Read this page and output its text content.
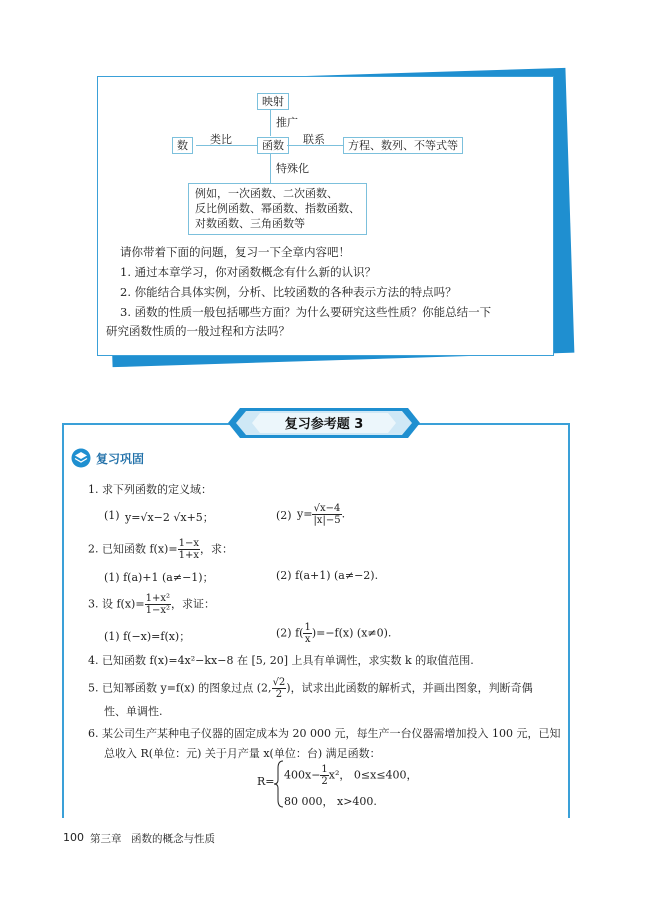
映射
推广
数	类比	函数	联系	方程、数列、不等式等
特殊化
例如，一次函数、二次函数、
反比例函数、幂函数、指数函数、
对数函数、三角函数等
请你带着下面的问题，复习一下全章内容吧！
1. 通过本章学习，你对函数概念有什么新的认识？
2. 你能结合具体实例，分析、比较函数的各种表示方法的特点吗？
3. 函数的性质一般包括哪些方面？为什么要研究这些性质？你能总结一下
研究函数性质的一般过程和方法吗？
复习参考题 3
复习巩固
1. 求下列函数的定义域：
(1) y=√x−2 √x+5；	(2) $y= \frac{√x-4}{|x|-5}$ .
2. 已知函数 $f(x)= \frac{1-x}{1+x}$ ，求：
(1) f(a)+1 (a≠−1)；	(2) f(a+1) (a≠−2).
3. 设 $f(x)= \frac{\text{1+x²}}{\text{1−x²}}$ ，求证：
(1) f(−x)=f(x)；	(2) $f( \frac{1}{x} )=-f(x)$ (x≠0).
4. 已知函数 f(x)=4x²−kx−8 在 [5, 20] 上具有单调性，求实数 k 的取值范围.
5. 已知幂函数 y=f(x) 的图象过点 (2, $\frac{√2}{2}$ )，试求出此函数的解析式，并画出图象，判断奇偶
性、单调性.
6. 某公司生产某种电子仪器的固定成本为 20 000 元，每生产一台仪器需增加投入 100 元，已知
总收入 R(单位：元) 关于月产量 x(单位：台) 满足函数：
$R= 400x- \frac{1}{2} x^2$， 0≤x≤400，
80 000， x>400.
100 第三章 函数的概念与性质
